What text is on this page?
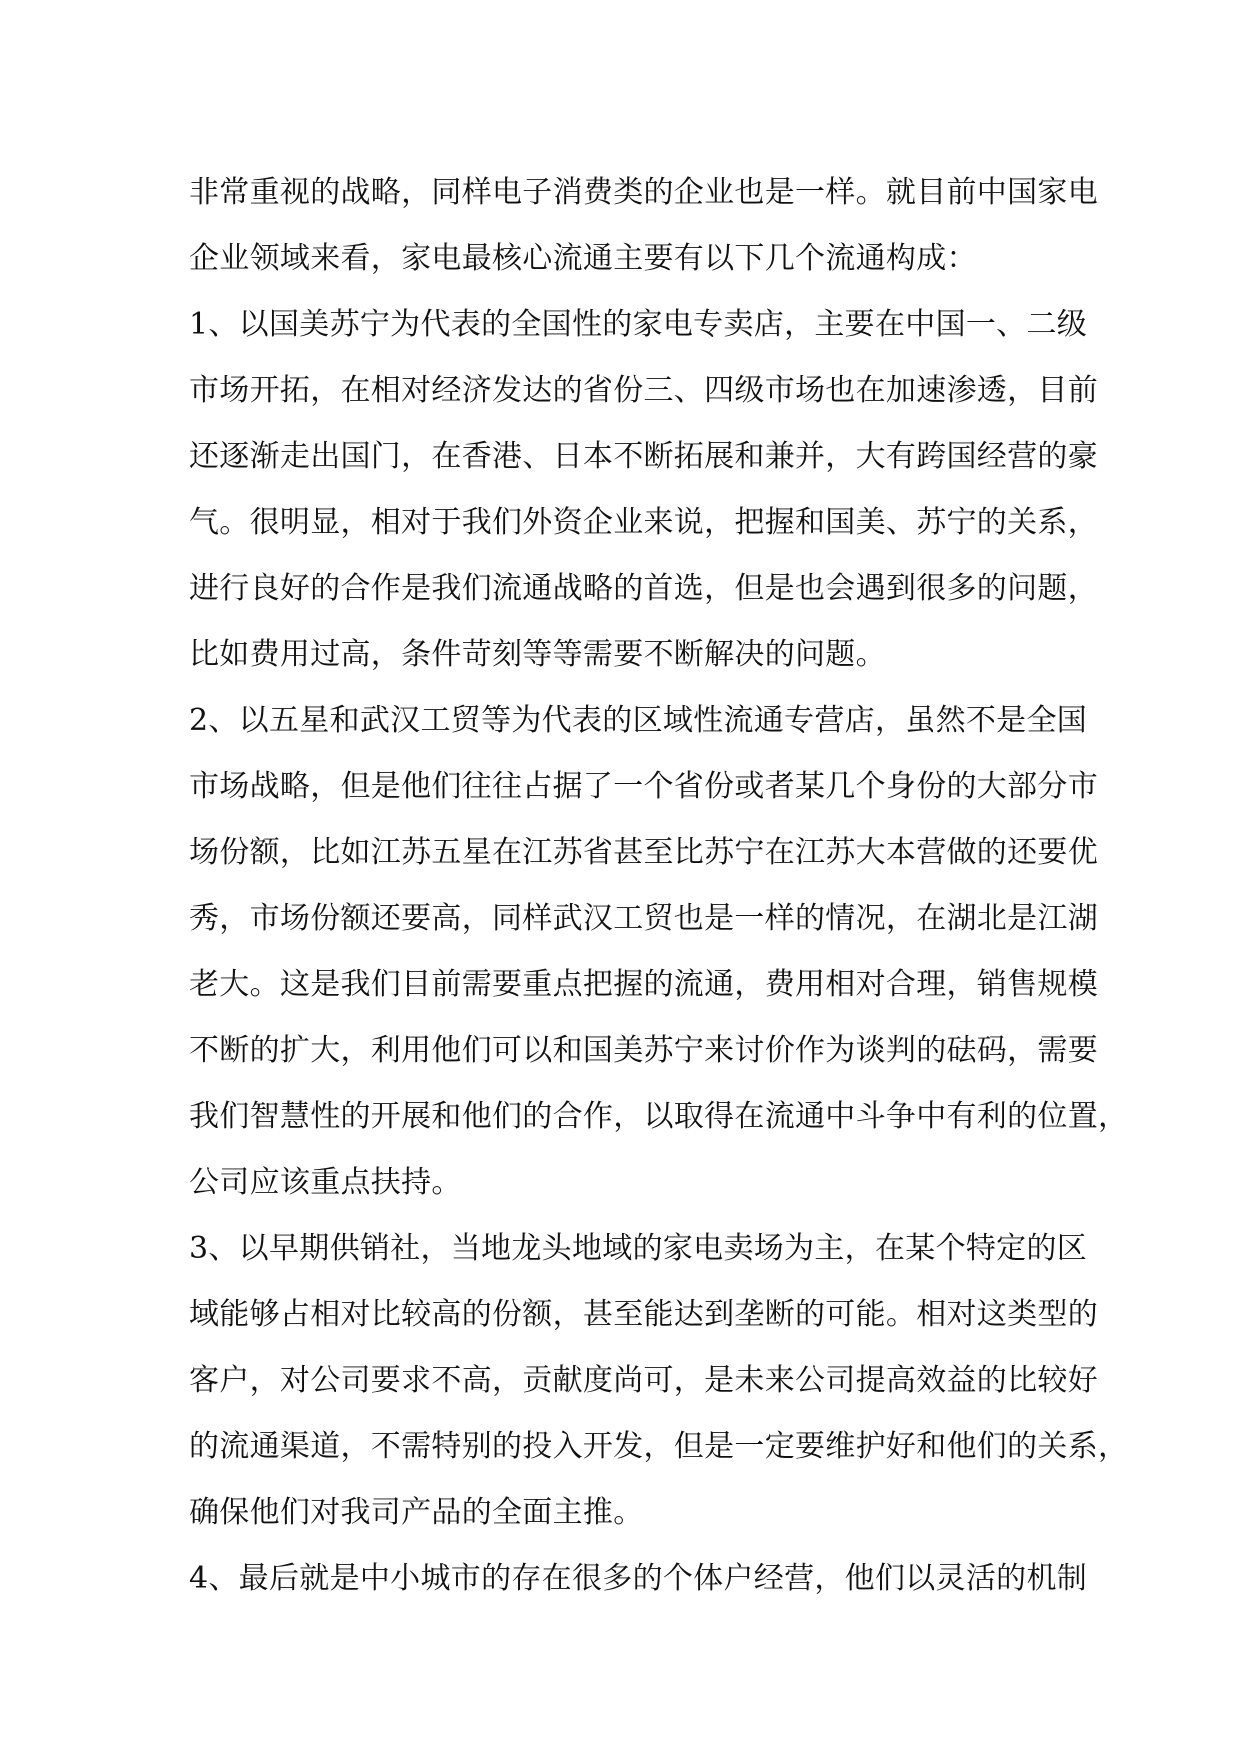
非常重视的战略，同样电子消费类的企业也是一样。就目前中国家电
企业领域来看，家电最核心流通主要有以下几个流通构成：
1、以国美苏宁为代表的全国性的家电专卖店，主要在中国一、二级
市场开拓，在相对经济发达的省份三、四级市场也在加速渗透，目前
还逐渐走出国门，在香港、日本不断拓展和兼并，大有跨国经营的豪
气。很明显，相对于我们外资企业来说，把握和国美、苏宁的关系，
进行良好的合作是我们流通战略的首选，但是也会遇到很多的问题，
比如费用过高，条件苛刻等等需要不断解决的问题。
2、以五星和武汉工贸等为代表的区域性流通专营店，虽然不是全国
市场战略，但是他们往往占据了一个省份或者某几个身份的大部分市
场份额，比如江苏五星在江苏省甚至比苏宁在江苏大本营做的还要优
秀，市场份额还要高，同样武汉工贸也是一样的情况，在湖北是江湖
老大。这是我们目前需要重点把握的流通，费用相对合理，销售规模
不断的扩大，利用他们可以和国美苏宁来讨价作为谈判的砝码，需要
我们智慧性的开展和他们的合作，以取得在流通中斗争中有利的位置，
公司应该重点扶持。
3、以早期供销社，当地龙头地域的家电卖场为主，在某个特定的区
域能够占相对比较高的份额，甚至能达到垄断的可能。相对这类型的
客户，对公司要求不高，贡献度尚可，是未来公司提高效益的比较好
的流通渠道，不需特别的投入开发，但是一定要维护好和他们的关系，
确保他们对我司产品的全面主推。
4、最后就是中小城市的存在很多的个体户经营，他们以灵活的机制
